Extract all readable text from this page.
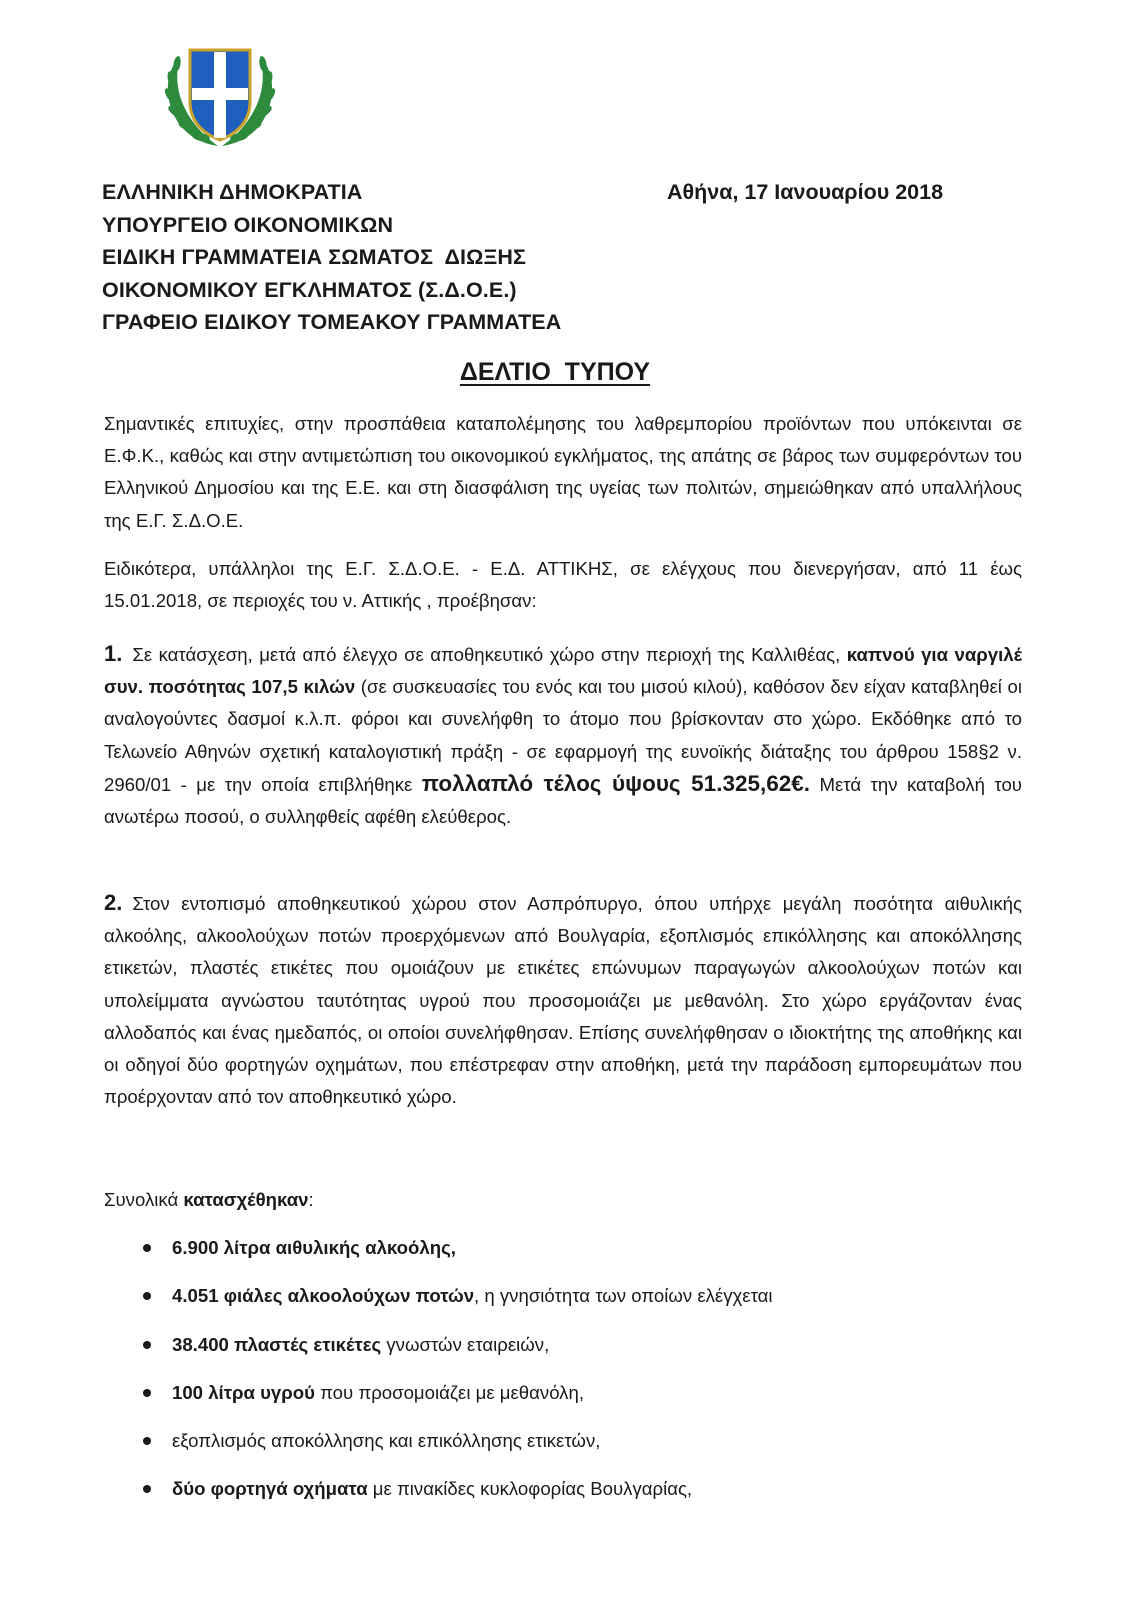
ΕΛΛΗΝΙΚΗ ΔΗΜΟΚΡΑΤΙΑ
ΥΠΟΥΡΓΕΙΟ ΟΙΚΟΝΟΜΙΚΩΝ
ΕΙΔΙΚΗ ΓΡΑΜΜΑΤΕΙΑ ΣΩΜΑΤΟΣ  ΔΙΩΞΗΣ
ΟΙΚΟΝΟΜΙΚΟΥ ΕΓΚΛΗΜΑΤΟΣ (Σ.Δ.Ο.Ε.)
ΓΡΑΦΕΙΟ ΕΙΔΙΚΟΥ ΤΟΜΕΑΚΟΥ ΓΡΑΜΜΑΤΕΑ
Αθήνα, 17 Ιανουαρίου 2018
ΔΕΛΤΙΟ  ΤΥΠΟΥ
Σημαντικές επιτυχίες, στην προσπάθεια καταπολέμησης του λαθρεμπορίου προϊόντων που υπόκεινται σε Ε.Φ.Κ., καθώς και στην αντιμετώπιση του οικονομικού εγκλήματος, της απάτης σε βάρος των συμφερόντων του Ελληνικού Δημοσίου και της Ε.Ε. και στη διασφάλιση της υγείας των πολιτών, σημειώθηκαν από υπαλλήλους της Ε.Γ. Σ.Δ.Ο.Ε.
Ειδικότερα, υπάλληλοι της Ε.Γ. Σ.Δ.Ο.Ε. - Ε.Δ. ΑΤΤΙΚΗΣ, σε ελέγχους που διενεργήσαν, από 11 έως 15.01.2018, σε περιοχές του ν. Αττικής , προέβησαν:
1. Σε κατάσχεση, μετά από έλεγχο σε αποθηκευτικό χώρο στην περιοχή της Καλλιθέας, καπνού για ναργιλέ συν. ποσότητας 107,5 κιλών (σε συσκευασίες του ενός και του μισού κιλού), καθόσον δεν είχαν καταβληθεί οι αναλογούντες δασμοί κ.λ.π. φόροι και συνελήφθη το άτομο που βρίσκονταν στο χώρο. Εκδόθηκε από το Τελωνείο Αθηνών σχετική καταλογιστική πράξη - σε εφαρμογή της ευνοϊκής διάταξης του άρθρου 158§2 ν. 2960/01 - με την οποία επιβλήθηκε πολλαπλό τέλος ύψους 51.325,62€. Μετά την καταβολή του ανωτέρω ποσού, ο συλληφθείς αφέθη ελεύθερος.
2. Στον εντοπισμό αποθηκευτικού χώρου στον Ασπρόπυργο, όπου υπήρχε μεγάλη ποσότητα αιθυλικής αλκοόλης, αλκοολούχων ποτών προερχόμενων από Βουλγαρία, εξοπλισμός επικόλλησης και αποκόλλησης ετικετών, πλαστές ετικέτες που ομοιάζουν με ετικέτες επώνυμων παραγωγών αλκοολούχων ποτών και υπολείμματα αγνώστου ταυτότητας υγρού που προσομοιάζει με μεθανόλη. Στο χώρο εργάζονταν ένας αλλοδαπός και ένας ημεδαπός, οι οποίοι συνελήφθησαν. Επίσης συνελήφθησαν ο ιδιοκτήτης της αποθήκης και οι οδηγοί δύο φορτηγών οχημάτων, που επέστρεφαν στην αποθήκη, μετά την παράδοση εμπορευμάτων που προέρχονταν από τον αποθηκευτικό χώρο.
Συνολικά κατασχέθηκαν:
6.900 λίτρα αιθυλικής αλκοόλης,
4.051 φιάλες αλκοολούχων ποτών, η γνησιότητα των οποίων ελέγχεται
38.400 πλαστές ετικέτες γνωστών εταιρειών,
100 λίτρα υγρού που προσομοιάζει με μεθανόλη,
εξοπλισμός αποκόλλησης και επικόλλησης ετικετών,
δύο φορτηγά οχήματα με πινακίδες κυκλοφορίας Βουλγαρίας,
